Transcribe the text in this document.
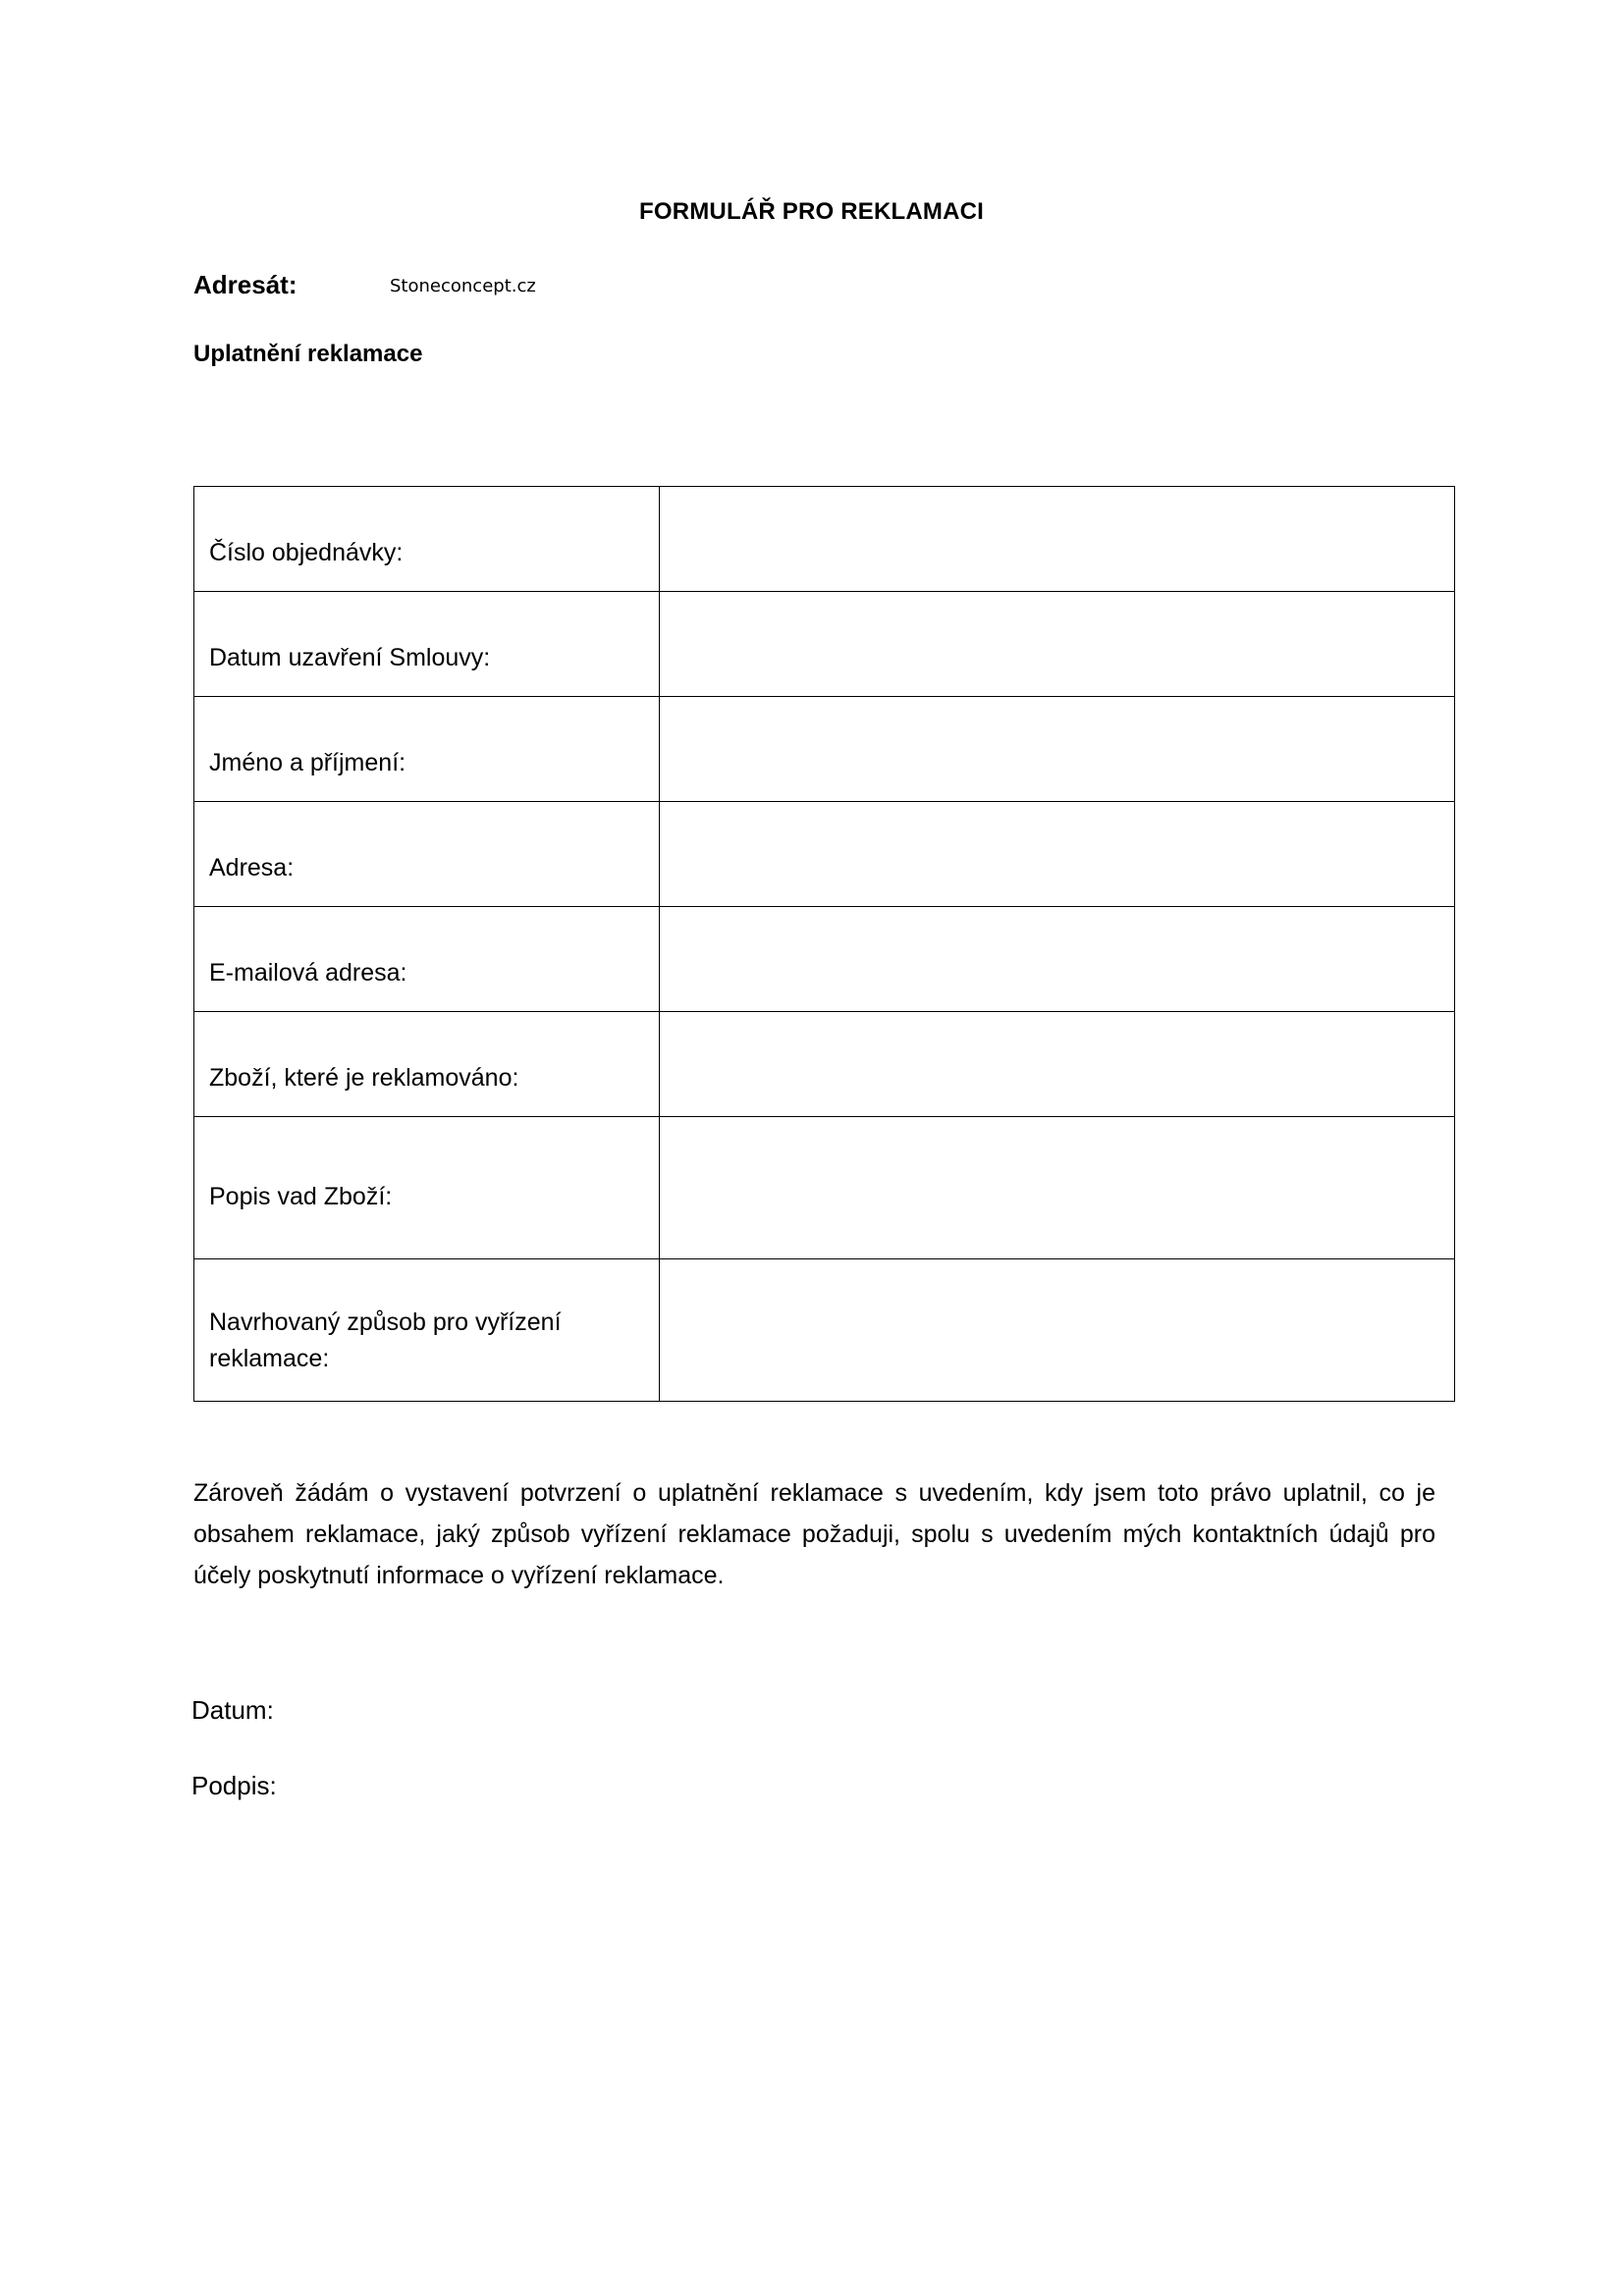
FORMULÁŘ PRO REKLAMACI
Adresát:	Stoneconcept.cz
Uplatnění reklamace
Číslo objednávky:	
Datum uzavření Smlouvy:	
Jméno a příjmení:	
Adresa:	
E-mailová adresa:	
Zboží, které je reklamováno:	
Popis vad Zboží:	
Navrhovaný způsob pro vyřízení reklamace:	
Zároveň žádám o vystavení potvrzení o uplatnění reklamace s uvedením, kdy jsem toto právo uplatnil, co je obsahem reklamace, jaký způsob vyřízení reklamace požaduji, spolu s uvedením mých kontaktních údajů pro účely poskytnutí informace o vyřízení reklamace.
Datum:
Podpis:
